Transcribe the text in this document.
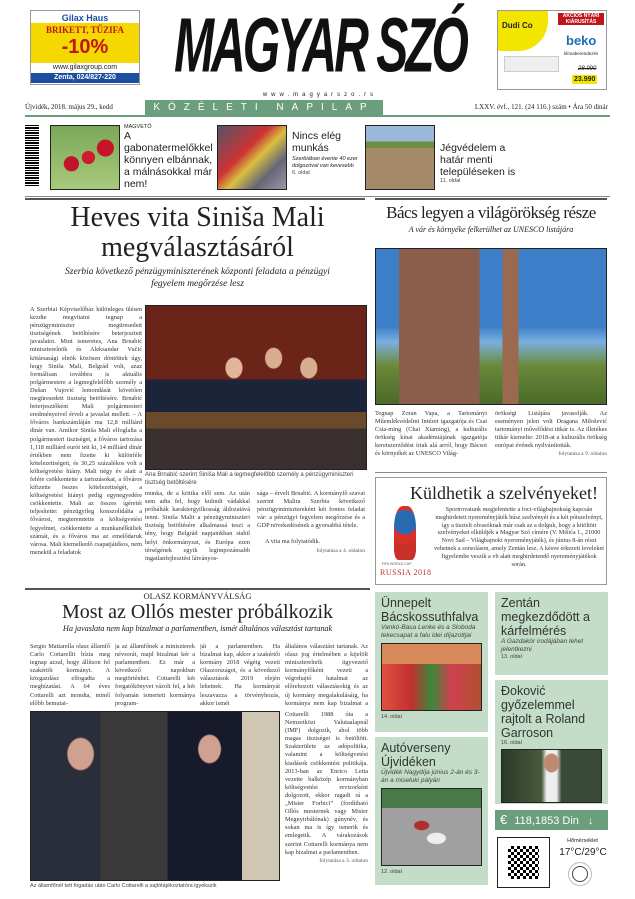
Gilax Haus
BRIKETT, TŰZIFA
-10%
www.gilaxgroup.com
Zenta, 024/827-220	MAGYAR SZÓ
www.magyarszo.rs
Dudi Co
AKCIÓS NYÁRI KIÁRUSÍTÁS
beko
klímaberendezés
28.990
23.990
Újvidék, 2018. május 29., kedd	KÖZÉLETI NAPILAP	LXXV. évf., 121. (24 116.) szám • Ára 50 dinár
MAGVETŐ
A gabonatermelőkkel könnyen elbánnak, a málnásokkal már nem!
Nincs elég munkás
Szerbiában évente 40 ezer dolgozóval van kevesebb
6. oldal
Jégvédelem a határ menti településeken is
11. oldal
Heves vita Siniša Mali megválasztásáról
Szerbia következő pénzügyminiszterének központi feladata a pénzügyi fegyelem megőrzése lesz
A Szerbiai Képviselőház különleges ülésen kezdte megvitatni tegnap a pénzügyminiszter megüresedett tisztségének betöltésére beterjesztett javaslatot. Mint ismeretes, Ana Brnabić miniszterelnök és Aleksandar Vučić kötársasági elnök közösen döntöttek úgy, hogy Siniša Mali, Belgrád volt, azaz formálisan továbbra is aktuális polgármestere a legmegfelelőbb személy a Dušan Vujović lemondását követően megüresedett tisztség betöltésére. Brnabić beterjesztőként Mali polgármesteri eredményeivel érvelt a javaslat mellett. – A főváros bankszámláján ma 12,8 milliárd dinár van. Amikor Siniša Mali elfoglalta a polgármesteri tisztséget, a főváros tartozása 1,118 milliárd eurót tett ki, 14 milliárd dinár értékben nem fizette ki különféle kötelezettségeit, és 30,25 százalékos volt a költségvetési hiány. Mali négy év alatt a felére csökkentette a tartozásokat, a főváros kifizette összes kötelezettségét, a költségvetési hiányt pedig egynegyedére csökkentette. Mali az összes ígéretét teljesítette: pénzügyileg konszolidálta a fővárost, megteremtette a költségvetési fegyelmet, csökkentette a munkanélküliek számát, és a főváros ma az emelődaruk városa. Mali kiemelkedő csapatjátékos, nem menekül a feladatok
Ana Brnabić szerint Siniša Mali a legmegfelelőbb személy a pénzügyminiszteri tisztség betöltésére
munka, de a kritika elől sem. Az után sem adta fel, hogy kulnult vádakkal próbálták karaktergyilkosság áldozatává tenni. Siniša Malit a pénzügyminiszteri tisztség betöltésére alkalmassá teszi a tény, hogy Belgrád napjainkban stabil helyi önkormányzat, és Európa ezen térségének egyik legimpozánsabb ingatlanfejlesztési látványos-
sága – érvelt Brnabić. A kormányfő szavai szerint Malira Szerbia következő pénzügyminisztereként két fontos feladat vár: a pénzügyi fegyelem megőrzése és a GDP növekedésének a gyorsabbá tétele.
A vita ma folytatódik.
folytatása a 4. oldalon
Bács legyen a világörökség része
A vár és környéke felkerülhet az UNESCO listájára
Tegnap Zoran Vapa, a Tartományi Műemlékvédelmi Intézet igazgatója és Csai Csia-ming (Chai Xiaming), a kulturális örökség kínai akadémiájának igazgatója keretszerződést írtak alá arról, hogy Bácsot és környékét az UNESCO Világ-
örökségi Listájára javasolják. Az eseményen jelen volt Dragana Milošević tartományi művelődési titkár is. Az illetékes titkár kiemelte: 2018-at a kulturális örökség európai évének nyilvánították.
folytatása a 9. oldalon
Küldhetik a szelvényeket!
FIFA WORLD CUP
RUSSIA 2018
Sportrovatunk megjelentette a foci-világbajnokság kapcsán meghirdetett nyereményjáték húsz szelvényét és a két pótszelvényt, így a tisztelt olvasóknak már csak az a dolguk, hogy a kitöltött szelvényeket elküldjék a Magyar Szó címére (V. Mišića 1., 21000 Novi Sad – Világbajnoki nyereményjáték), és június 8-án részt vehetnek a sorsoláson, amely Zentán lesz. A késve érkezett leveleket figyelembe veszik a vb alatt meghirdetendő nyereményjátékok során.
OLASZ KORMÁNYVÁLSÁG
Most az Ollós mester próbálkozik
Ha javaslata nem kap bizalmat a parlamentben, ismét általános választást tartanak
Sergio Mattarella olasz államfő Carlo Cottarellit bízta meg tegnap azzal, hogy állítson fel szakértői kormányt. A közgazdász elfogadta a megbízatást. A 64 éves Cottarelli azt mondta, minél előbb bemutat-
ja az államfőnek a miniszterek névsorát, majd bizalmat kér a parlamentben. Ez már a következő napokban megtörténhet. Cottarelli két forgatókönyvet vázolt fel, a hét folyamán ismerteti kormánya program-
ját a parlamentben. Ha bizalmat kap, akkor a szakértői kormány 2018 végéig vezeti Olaszországot, és a következő választások 2019 elején lehetnek. Ha kormányát leszavazza a törvényhozás, akkor ismét
általános választást tartanak. Az olasz jog értelmében a kijelölt miniszterelnök ügyvezető kormányfőként vezeti a végrehajtó hatalmat az előrehozott választásokig és az új kormány megalakulásáig, ha kormánya nem kap bizalmat a
Az államfőnél tett fogadás után Carlo Cottarelli a sajtótájékoztatóra igyekszik
Cottarelli 1988 óta a Nemzetközi Valutaalapnál (IMF) dolgozik, ahol több magas tisztséget is betöltött. Szakterülete az adópolitika, valamint a költségvetési kiadások csökkentési politikája. 2013-ban az Enrico Letta vezette balközép kormányban költségvetési revizorként dolgozott, ekkor ragadt rá a „Mister Forbici” (fordítható Ollós mesternek vagy Mister Megnyirbálónak) gúnynév, és sokan ma is így ismerik és emlegetik. A várakozások szerint Cottarelli kormánya nem kap bizalmat a parlamentben.
folytatása a 3. oldalon
Ünnepelt Bácskossuthfalva
Vankó-Basa Lenke és a Sloboda tekecsapat a falu idei díjazottjai
14. oldal
Zentán megkezdődött a kárfelmérés
A Gazdakör irodájában lehet jelentkezni
13. oldal
Đoković győzelemmel rajtolt a Roland Garroson
16. oldal
Autóverseny Újvidéken
Újvidék Nagydíja június 2-án és 3-án a miseluki pályán
12. oldal
€ 118,1853 Din ↓
Hőmérséklet
17°C/29°C
